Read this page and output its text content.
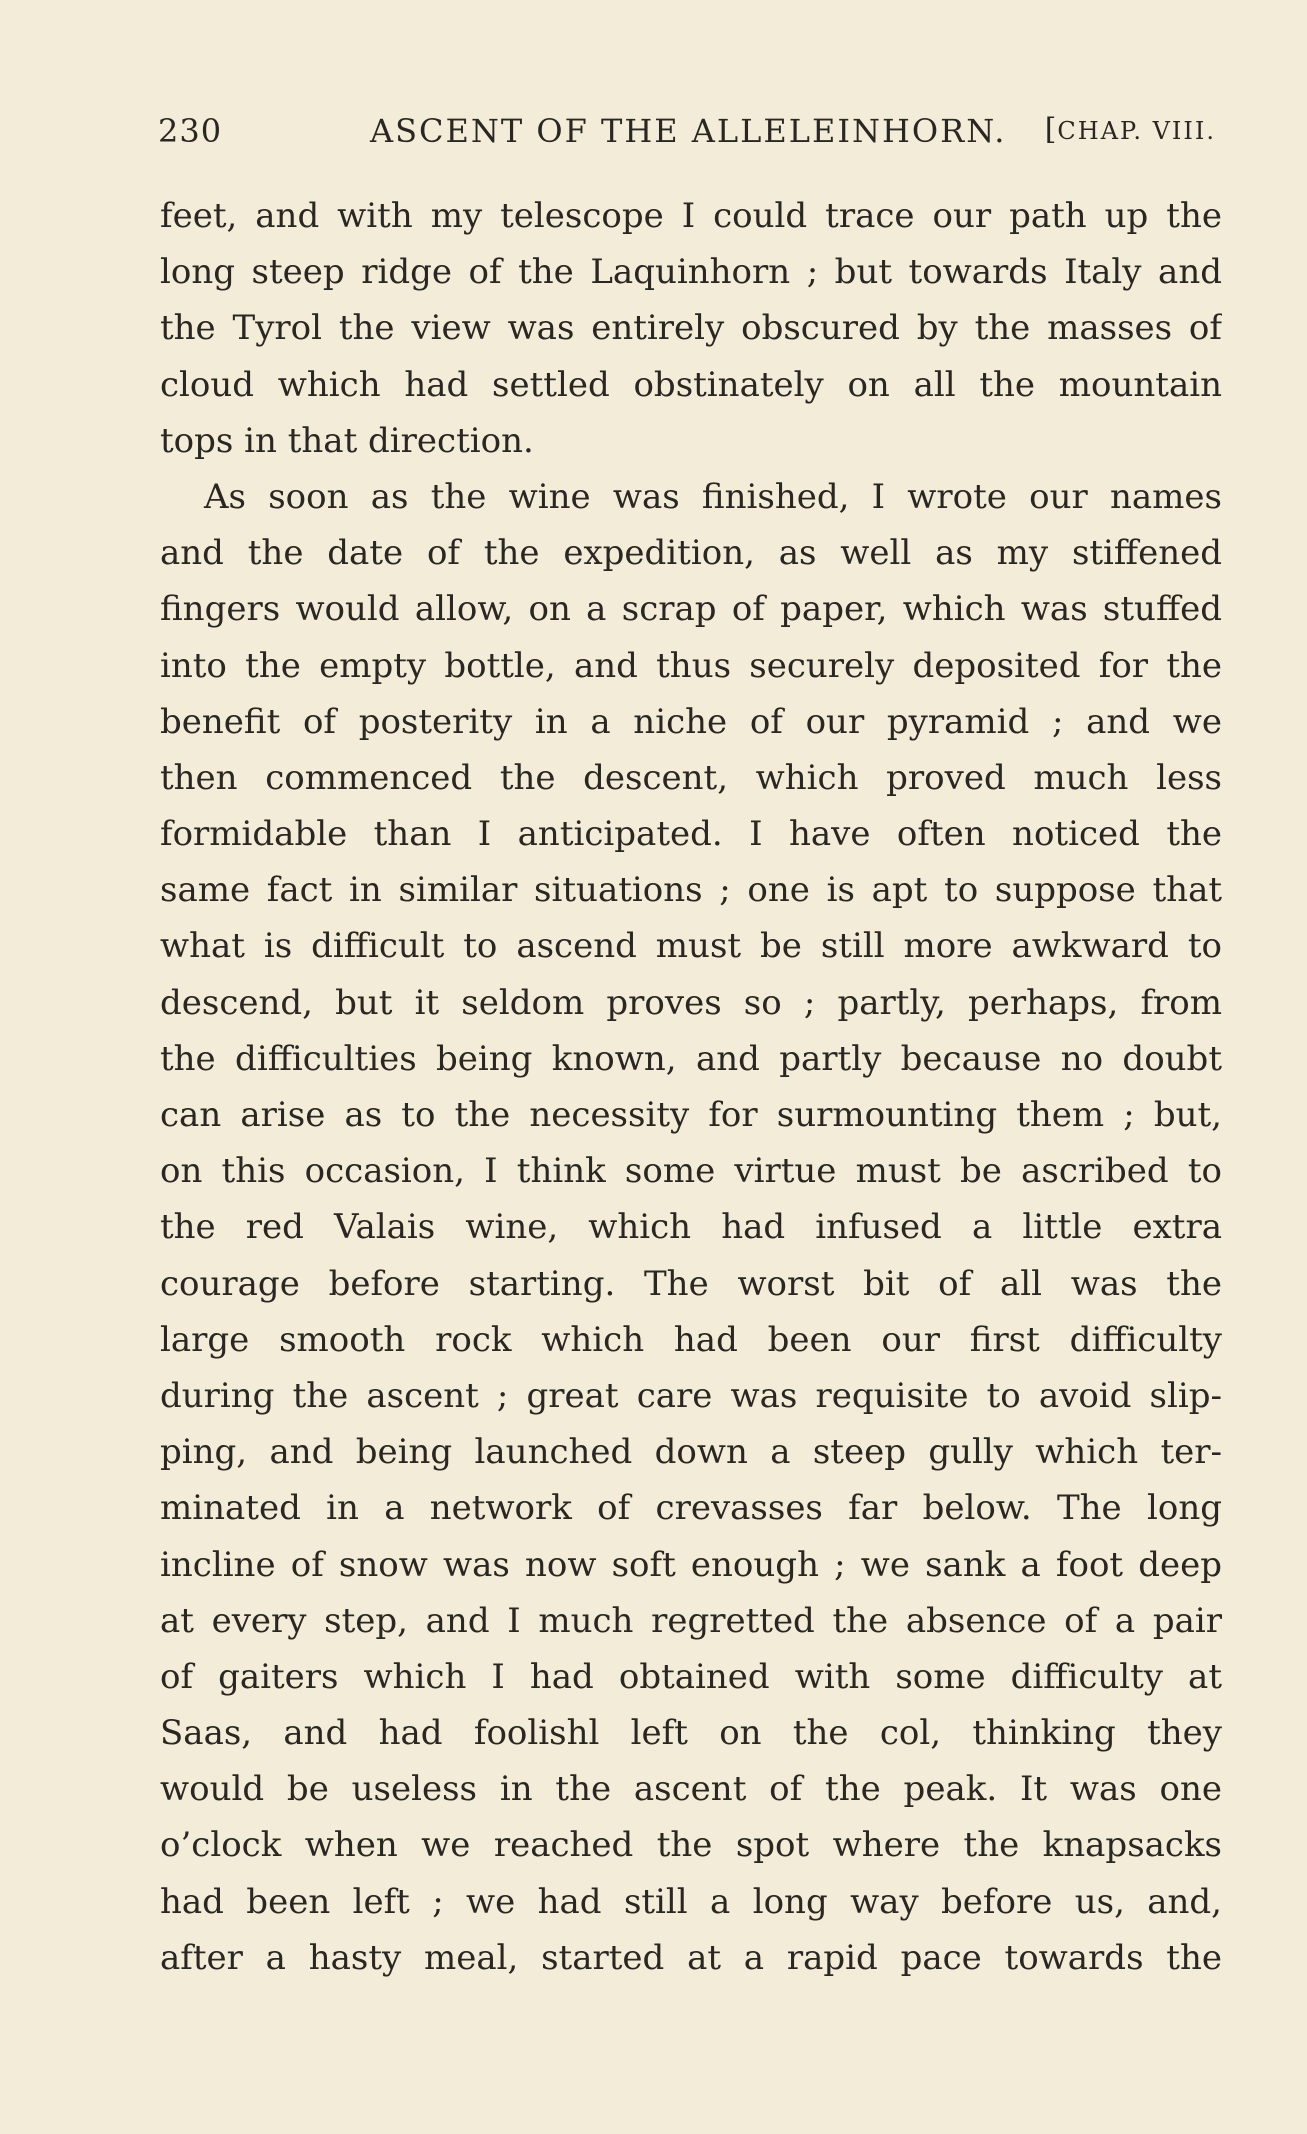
230	ASCENT OF THE ALLELEINHORN. [CHAP. VIII.
feet, and with my telescope I could trace our path up the
long steep ridge of the Laquinhorn ; but towards Italy and
the Tyrol the view was entirely obscured by the masses of
cloud which had settled obstinately on all the mountain
tops in that direction.
As soon as the wine was finished, I wrote our names
and the date of the expedition, as well as my stiffened
fingers would allow, on a scrap of paper, which was stuffed
into the empty bottle, and thus securely deposited for the
benefit of posterity in a niche of our pyramid ; and we
then commenced the descent, which proved much less
formidable than I anticipated. I have often noticed the
same fact in similar situations ; one is apt to suppose that
what is difficult to ascend must be still more awkward to
descend, but it seldom proves so ; partly, perhaps, from
the difficulties being known, and partly because no doubt
can arise as to the necessity for surmounting them ; but,
on this occasion, I think some virtue must be ascribed to
the red Valais wine, which had infused a little extra
courage before starting. The worst bit of all was the
large smooth rock which had been our first difficulty
during the ascent ; great care was requisite to avoid slip-
ping, and being launched down a steep gully which ter-
minated in a network of crevasses far below. The long
incline of snow was now soft enough ; we sank a foot deep
at every step, and I much regretted the absence of a pair
of gaiters which I had obtained with some difficulty at
Saas, and had foolishl left on the col, thinking they
would be useless in the ascent of the peak. It was one
o’clock when we reached the spot where the knapsacks
had been left ; we had still a long way before us, and,
after a hasty meal, started at a rapid pace towards the
